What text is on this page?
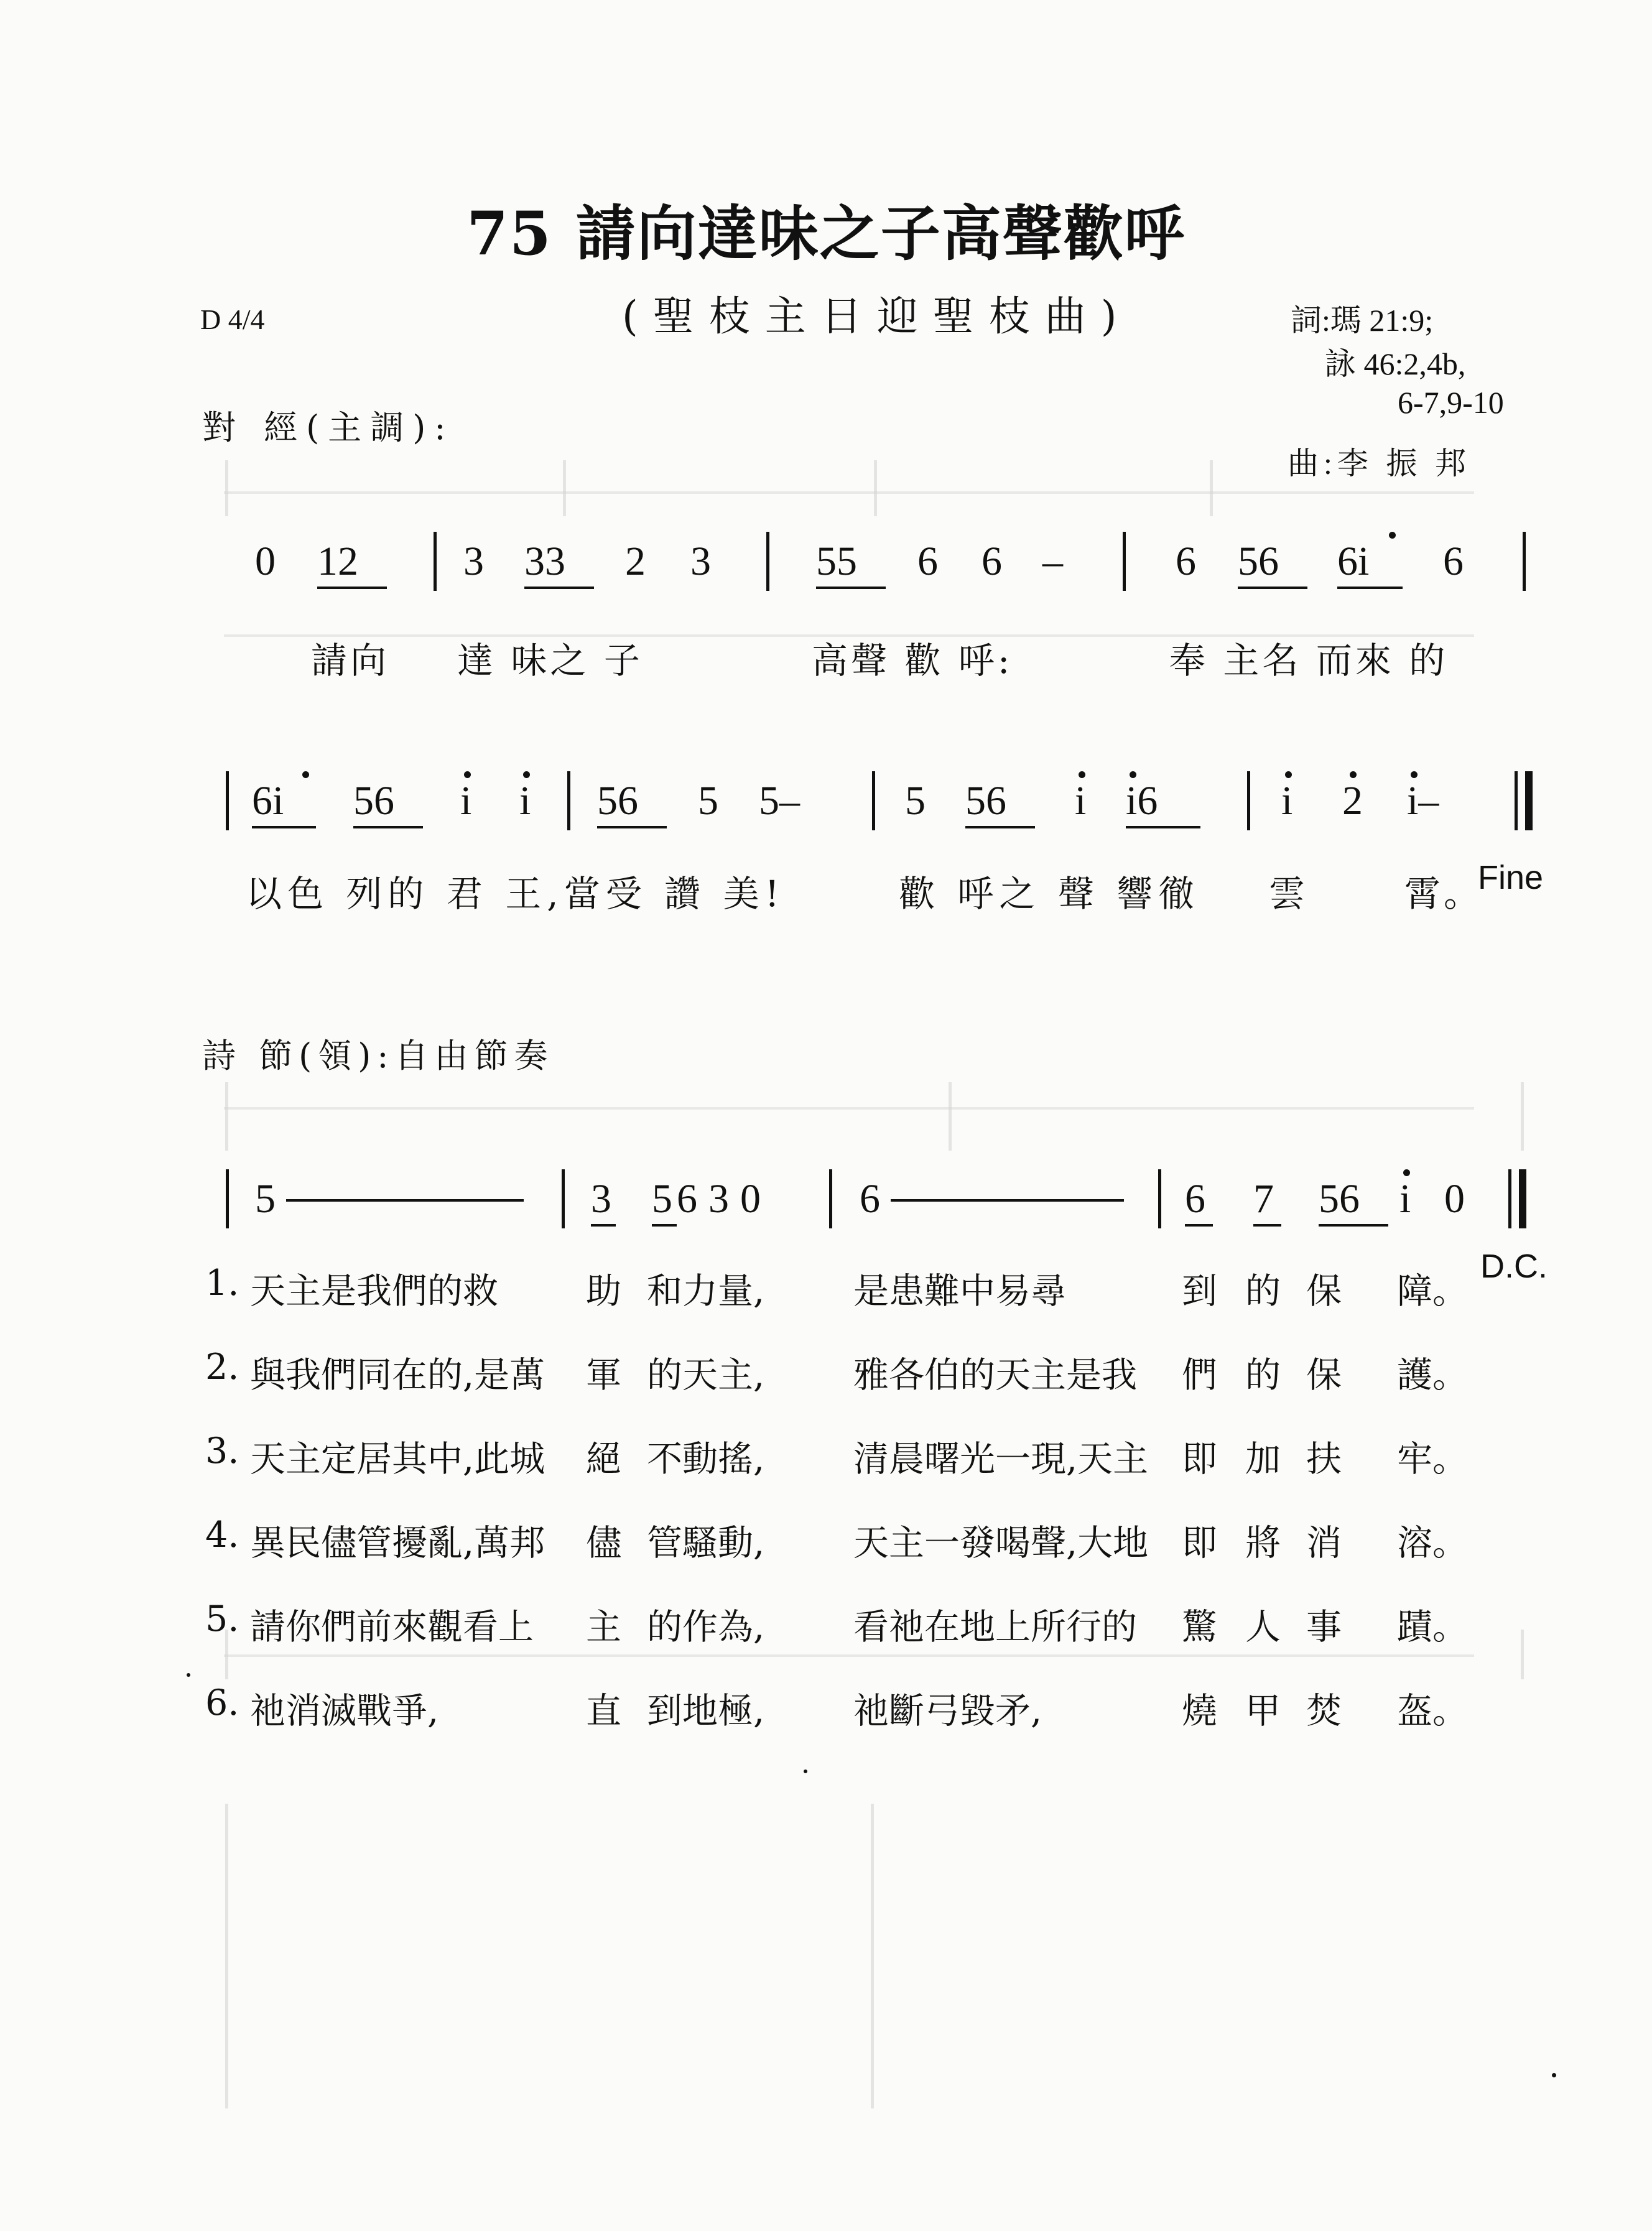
75 請向達味之子高聲歡呼
(聖枝主日迎聖枝曲)
D 4/4	詞:瑪 21:9;
詠 46:2,4b,
6-7,9-10
曲:李 振 邦
對 經(主調):
0 12	3 33 2 3	55 6 6 –	6 56 6i 6
請向 達 味之 子	高聲 歡 呼:	奉 主名 而來 的
6i 56 i i 56 5 5–	5 56 i i6	i 2 i–
以色 列的 君 王,當受 讚 美!	歡 呼之 聲 響徹 雲	霄。
Fine
詩 節(領):自由節奏
5	3 5 630 6	6 7 56 i 0
D.C.
1. 天主是我們的救 助 和力量,	是患難中易尋	到 的 保 障。
2. 與我們同在的,是萬 軍 的天主,	雅各伯的天主是我 們 的 保 護。
3. 天主定居其中,此城 絕 不動搖,	清晨曙光一現,天主 即 加 扶 牢。
4. 異民儘管擾亂,萬邦 儘 管騷動,	天主一發喝聲,大地 即 將 消 溶。
5. 請你們前來觀看上 主 的作為,	看祂在地上所行的 驚 人 事 蹟。
6. 祂消滅戰爭,	直 到地極,	祂斷弓毀矛,	燒 甲 焚 盔。
